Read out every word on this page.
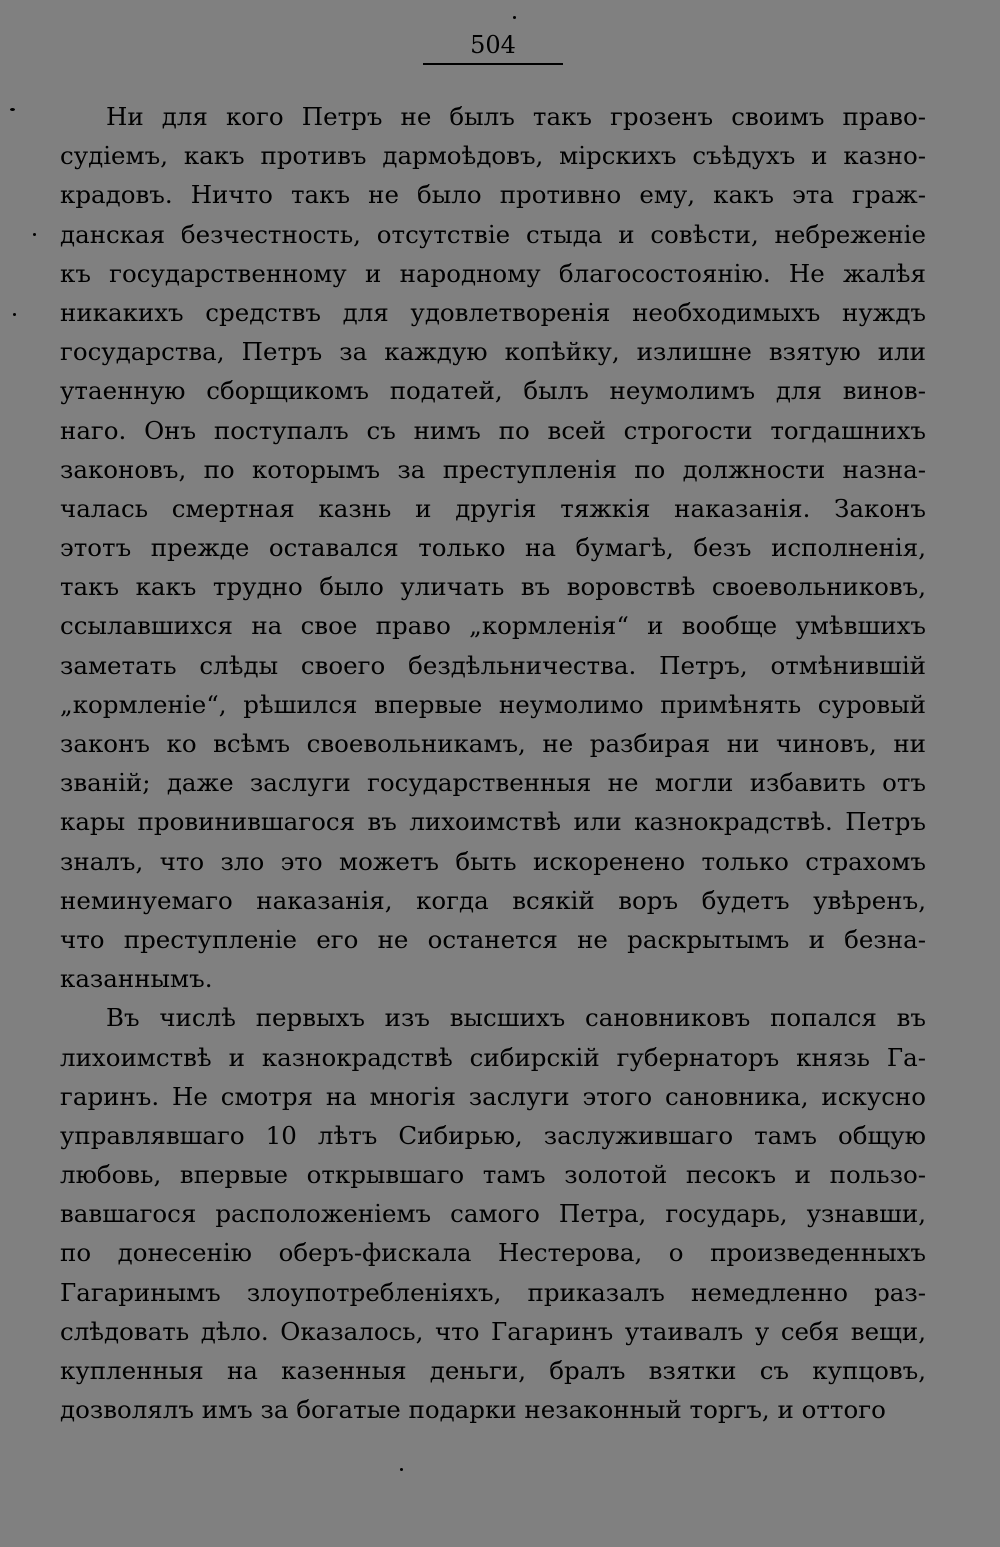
504
Ни для кого Петръ не былъ такъ грозенъ своимъ право-
судіемъ, какъ противъ дармоѣдовъ, мірскихъ съѣдухъ и казно-
крадовъ. Ничто такъ не было противно ему, какъ эта граж-
данская безчестность, отсутствіе стыда и совѣсти, небреженіе
къ государственному и народному благосостоянію. Не жалѣя
никакихъ средствъ для удовлетворенія необходимыхъ нуждъ
государства, Петръ за каждую копѣйку, излишне взятую или
утаенную сборщикомъ податей, былъ неумолимъ для винов-
наго. Онъ поступалъ съ нимъ по всей строгости тогдашнихъ
законовъ, по которымъ за преступленія по должности назна-
чалась смертная казнь и другія тяжкія наказанія. Законъ
этотъ прежде оставался только на бумагѣ, безъ исполненія,
такъ какъ трудно было уличать въ воровствѣ своевольниковъ,
ссылавшихся на свое право „кормленія“ и вообще умѣвшихъ
заметать слѣды своего бездѣльничества. Петръ, отмѣнившій
„кормленіе“, рѣшился впервые неумолимо примѣнять суровый
законъ ко всѣмъ своевольникамъ, не разбирая ни чиновъ, ни
званій; даже заслуги государственныя не могли избавить отъ
кары провинившагося въ лихоимствѣ или казнокрадствѣ. Петръ
зналъ, что зло это можетъ быть искоренено только страхомъ
неминуемаго наказанія, когда всякій воръ будетъ увѣренъ,
что преступленіе его не останется не раскрытымъ и безна-
казаннымъ.
Въ числѣ первыхъ изъ высшихъ сановниковъ попался въ
лихоимствѣ и казнокрадствѣ сибирскій губернаторъ князь Га-
гаринъ. Не смотря на многія заслуги этого сановника, искусно
управлявшаго 10 лѣтъ Сибирью, заслужившаго тамъ общую
любовь, впервые открывшаго тамъ золотой песокъ и пользо-
вавшагося расположеніемъ самого Петра, государь, узнавши,
по донесенію оберъ-фискала Нестерова, о произведенныхъ
Гагаринымъ злоупотребленіяхъ, приказалъ немедленно раз-
слѣдовать дѣло. Оказалось, что Гагаринъ утаивалъ у себя вещи,
купленныя на казенныя деньги, бралъ взятки съ купцовъ,
дозволялъ имъ за богатые подарки незаконный торгъ, и оттого
